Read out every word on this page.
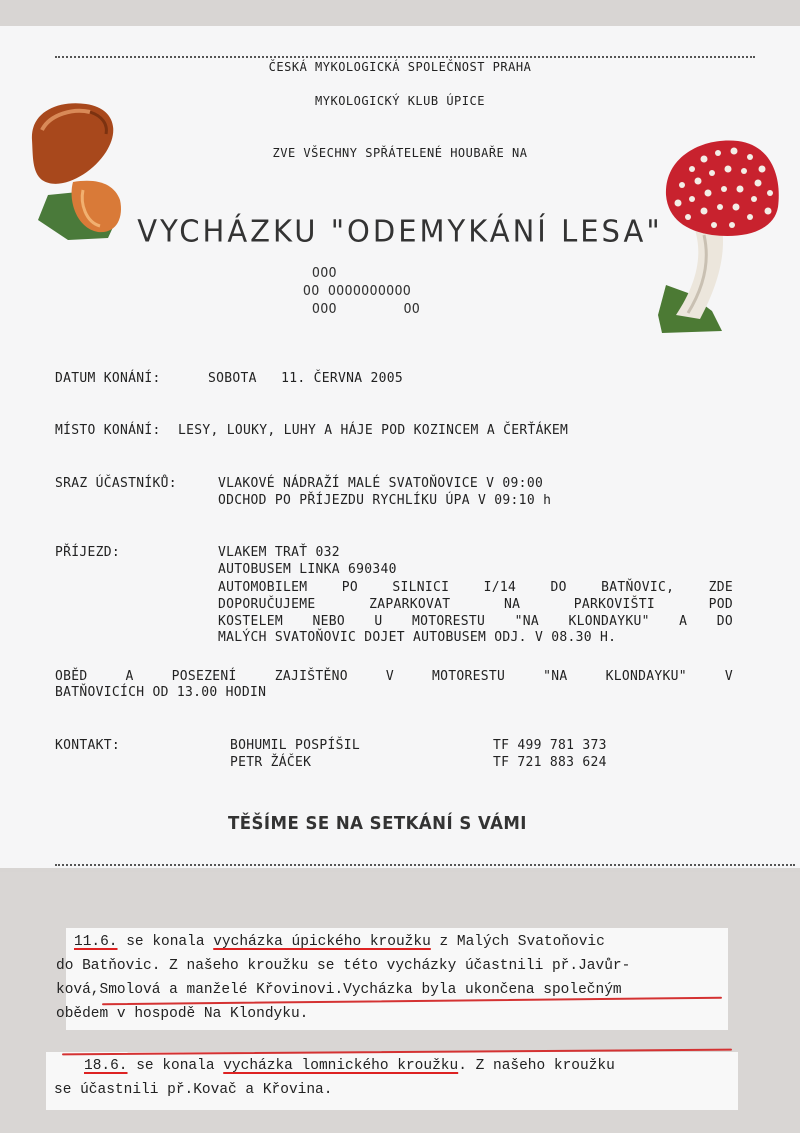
ČESKÁ MYKOLOGICKÁ SPOLEČNOST PRAHA
MYKOLOGICKÝ KLUB ÚPICE
ZVE VŠECHNY SPŘÁTELENÉ HOUBAŘE NA
VYCHÁZKU "ODEMYKÁNÍ LESA"
OOO
OO OOOOOOOOOO
OOO        OO
DATUM KONÁNÍ:	SOBOTA   11. ČERVNA 2005
MÍSTO KONÁNÍ: LESY, LOUKY, LUHY A HÁJE POD KOZINCEM A ČERŤÁKEM
SRAZ ÚČASTNÍKŮ:	VLAKOVÉ NÁDRAŽÍ MALÉ SVATOŇOVICE V 09:00
ODCHOD PO PŘÍJEZDU RYCHLÍKU ÚPA V 09:10 h
PŘÍJEZD:	VLAKEM TRAŤ 032
AUTOBUSEM LINKA 690340
AUTOMOBILEM PO SILNICI I/14 DO BATŇOVIC, ZDE
DOPORUČUJEME ZAPARKOVAT NA PARKOVIŠTI POD
KOSTELEM NEBO U MOTORESTU "NA KLONDAYKU" A DO
MALÝCH SVATOŇOVIC DOJET AUTOBUSEM ODJ. V 08.30 H.
OBĚD A POSEZENÍ ZAJIŠTĚNO V MOTORESTU "NA KLONDAYKU" V
BATŇOVICÍCH OD 13.00 HODIN
KONTAKT:	BOHUMIL POSPÍŠIL	TF 499 781 373
PETR ŽÁČEK	TF 721 883 624
TĚŠÍME SE NA SETKÁNÍ S VÁMI
11.6. se konala vycházka úpického kroužku z Malých Svatoňovic
do Batňovic. Z našeho kroužku se této vycházky účastnili př.Javůr-
ková,Smolová a manželé Křovinovi.Vycházka byla ukončena společným
obědem v hospodě Na Klondyku.
18.6. se konala vycházka lomnického kroužku. Z našeho kroužku
se účastnili př.Kovač a Křovina.
